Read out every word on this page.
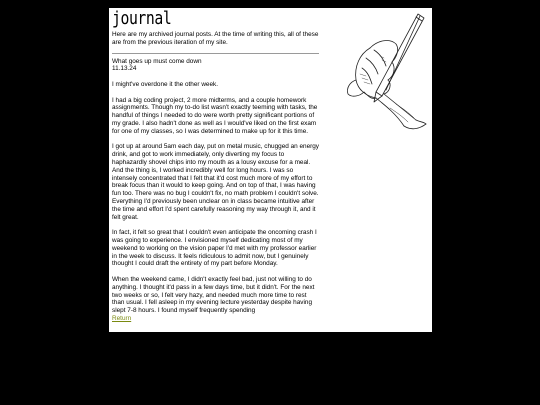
journal

Here are my archived journal posts. At the time of writing this, all of these are from the previous iteration of my site.

What goes up must come down

11.13.24

I might've overdone it the other week.

I had a big coding project, 2 more midterms, and a couple homework assignments. Though my to-do list wasn't exactly teeming with tasks, the handful of things I needed to do were worth pretty significant portions of my grade. I also hadn't done as well as I would've liked on the first exam for one of my classes, so I was determined to make up for it this time.

I got up at around 5am each day, put on metal music, chugged an energy drink, and got to work immediately, only diverting my focus to haphazardly shovel chips into my mouth as a lousy excuse for a meal. And the thing is, I worked incredibly well for long hours. I was so intensely concentrated that I felt that it'd cost much more of my effort to break focus than it would to keep going. And on top of that, I was having fun too. There was no bug I couldn't fix, no math problem I couldn't solve. Everything I'd previously been unclear on in class became intuitive after the time and effort I'd spent carefully reasoning my way through it, and it felt great.

In fact, it felt so great that I couldn't even anticipate the oncoming crash I was going to experience. I envisioned myself dedicating most of my weekend to working on the vision paper I'd met with my professor earlier in the week to discuss. It feels ridiculous to admit now, but I genuinely thought I could draft the entirety of my part before Monday.

When the weekend came, I didn't exactly feel bad, just not willing to do anything. I thought it'd pass in a few days time, but it didn't. For the next two weeks or so, I felt very hazy, and needed much more time to rest than usual. I fell asleep in my evening lecture yesterday despite having slept 7-8 hours. I found myself frequently spending

Return
